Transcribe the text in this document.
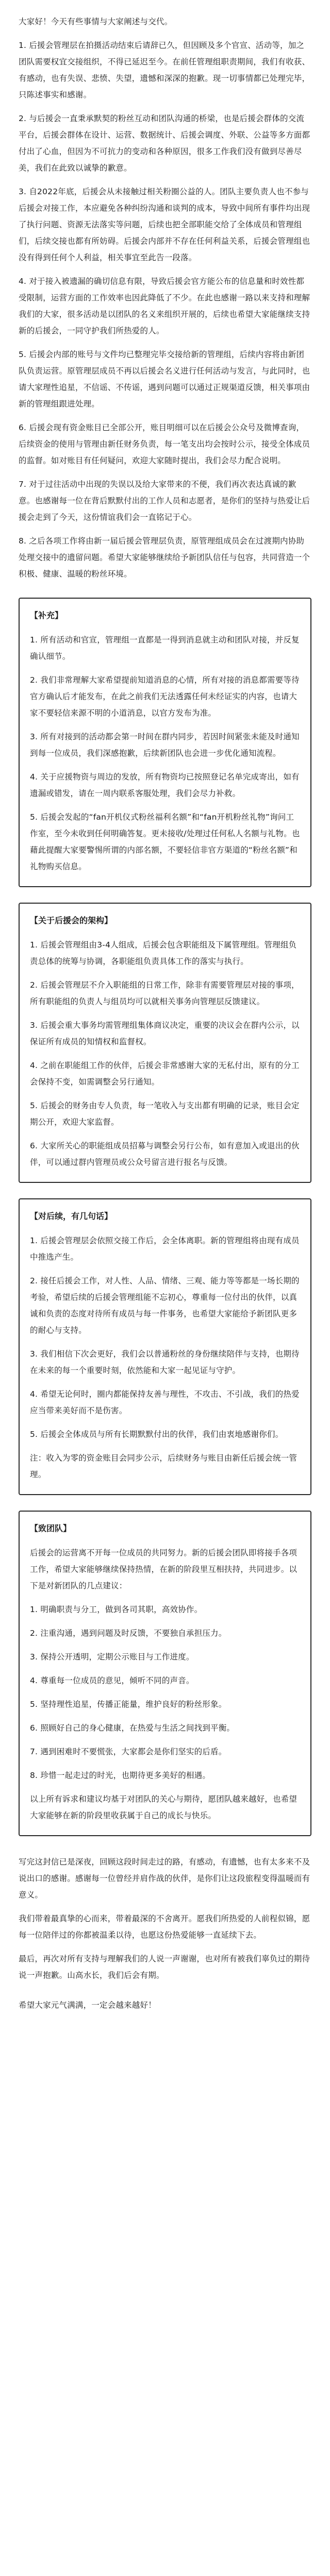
大家好！今天有些事情与大家阐述与交代。

1. 后援会管理层在拍摄活动结束后请辞已久，但因顾及多个官宣、活动等，加之团队需要权宜交接组织，不得已延迟至今。在前任管理组职责期间，我们有收获、有感动，也有失误、悲愤、失望，遗憾和深深的抱歉。现一切事情都已处理完毕，只陈述事实和感谢。

2. 与后援会一直秉承默契的粉丝互动和团队沟通的桥梁，也是后援会群体的交流平台，后援会群体在设计、运营、数据统计、后援会调度、外联、公益等多方面都付出了心血，但因为不可抗力的变动和各种原因，很多工作我们没有做到尽善尽美，我们在此致以诚挚的歉意。

3. 自2022年底，后援会从未接触过相关粉圈公益的人。团队主要负责人也不参与后援会对接工作，本应避免各种纠纷沟通和谈判的成本，导致中间所有事件均出现了执行问题、资源无法落实等问题，后续也把全部职能交给了全体成员和管理组们，后续交接也都有所妨碍。后援会内部并不存在任何利益关系，后援会管理组也没有得到任何个人利益，相关事宜至此告一段落。

4. 对于接入被遗漏的确切信息有限，导致后援会官方能公布的信息量和时效性都受限制，运营方面的工作效率也因此降低了不少。在此也感谢一路以来支持和理解我们的大家，很多活动是以团队的名义来组织开展的，后续也希望大家能继续支持新的后援会，一同守护我们所热爱的人。

5. 后援会内部的账号与文件均已整理完毕交接给新的管理组，后续内容将由新团队负责运营。原管理层成员不再以后援会名义进行任何活动与发言，与此同时，也请大家理性追星，不信谣、不传谣，遇到问题可以通过正规渠道反馈，相关事项由新的管理组跟进处理。

6. 后援会现有资金账目已全部公开，账目明细可以在后援会公众号及微博查询，后续资金的使用与管理由新任财务负责，每一笔支出均会按时公示，接受全体成员的监督。如对账目有任何疑问，欢迎大家随时提出，我们会尽力配合说明。

7. 对于过往活动中出现的失误以及给大家带来的不便，我们再次表达真诚的歉意。也感谢每一位在背后默默付出的工作人员和志愿者，是你们的坚持与热爱让后援会走到了今天，这份情谊我们会一直铭记于心。

8. 之后各项工作将由新一届后援会管理层负责，原管理组成员会在过渡期内协助处理交接中的遗留问题。希望大家能够继续给予新团队信任与包容，共同营造一个积极、健康、温暖的粉丝环境。

【补充】

1. 所有活动和官宣，管理组一直都是一得到消息就主动和团队对接，并反复确认细节。

2. 我们非常理解大家希望提前知道消息的心情，所有对接的消息都需要等待官方确认后才能发布，在此之前我们无法透露任何未经证实的内容，也请大家不要轻信来源不明的小道消息，以官方发布为准。

3. 所有对接到的活动都会第一时间在群内同步，若因时间紧张未能及时通知到每一位成员，我们深感抱歉，后续新团队也会进一步优化通知流程。

4. 关于应援物资与周边的发放，所有物资均已按照登记名单完成寄出，如有遗漏或错发，请在一周内联系客服处理，我们会尽力补救。

5. 后援会发起的“fan开机仪式粉丝福利名额”和“fan开机粉丝礼物”询问工作室，至今未收到任何明确答复。更未接收/处理过任何私人名额与礼物。也藉此提醒大家要警惕所谓的内部名额，不要轻信非官方渠道的“粉丝名额”和礼物购买信息。

【关于后援会的架构】

1. 后援会管理组由3-4人组成，后援会包含职能组及下属管理组。管理组负责总体的统筹与协调，各职能组负责具体工作的落实与执行。

2. 后援会管理层不介入职能组的日常工作，除非有需要管理层对接的事项，所有职能组的负责人与组员均可以就相关事务向管理层反馈建议。

3. 后援会重大事务均需管理组集体商议决定，重要的决议会在群内公示，以保证所有成员的知情权和监督权。

4. 之前在职能组工作的伙伴，后援会非常感谢大家的无私付出，原有的分工会保持不变，如需调整会另行通知。

5. 后援会的财务由专人负责，每一笔收入与支出都有明确的记录，账目会定期公开，欢迎大家监督。

6. 大家所关心的职能组成员招募与调整会另行公布，如有意加入或退出的伙伴，可以通过群内管理员或公众号留言进行报名与反馈。

【对后续，有几句话】

1. 后援会管理层会依照交接工作后，会全体离职。新的管理组将由现有成员中推选产生。

2. 接任后援会工作，对人性、人品、情绪、三观、能力等等都是一场长期的考验，希望后续的后援会管理组能不忘初心，尊重每一位付出的伙伴，以真诚和负责的态度对待所有成员与每一件事务，也希望大家能给予新团队更多的耐心与支持。

3. 我们相信下次会更好，我们会以普通粉丝的身份继续陪伴与支持，也期待在未来的每一个重要时刻，依然能和大家一起见证与守护。

4. 希望无论何时，圈内都能保持友善与理性，不攻击、不引战，我们的热爱应当带来美好而不是伤害。

5. 后援会全体成员与所有长期默默付出的伙伴，我们由衷地感谢你们。

注：收入为零的资金账目会同步公示，后续财务与账目由新任后援会统一管理。

【致团队】

后援会的运营离不开每一位成员的共同努力。新的后援会团队即将接手各项工作，希望大家能够继续保持热情，在新的阶段里互相扶持，共同进步。以下是对新团队的几点建议：

1. 明确职责与分工，做到各司其职，高效协作。

2. 注重沟通，遇到问题及时反馈，不要独自承担压力。

3. 保持公开透明，定期公示账目与工作进度。

4. 尊重每一位成员的意见，倾听不同的声音。

5. 坚持理性追星，传播正能量，维护良好的粉丝形象。

6. 照顾好自己的身心健康，在热爱与生活之间找到平衡。

7. 遇到困难时不要慌张，大家都会是你们坚实的后盾。

8. 珍惜一起走过的时光，也期待更多美好的相遇。

以上所有诉求和建议均基于对团队的关心与期待，愿团队越来越好，也希望大家能够在新的阶段里收获属于自己的成长与快乐。

写完这封信已是深夜，回顾这段时间走过的路，有感动，有遗憾，也有太多来不及说出口的感谢。感谢每一位曾经并肩作战的伙伴，是你们让这段旅程变得温暖而有意义。

我们带着最真挚的心而来，带着最深的不舍离开。愿我们所热爱的人前程似锦，愿每一位陪伴过的你都被温柔以待，也愿这份热爱能够一直延续下去。

最后，再次对所有支持与理解我们的人说一声谢谢，也对所有被我们辜负过的期待说一声抱歉。山高水长，我们后会有期。

希望大家元气满满，一定会越来越好！
